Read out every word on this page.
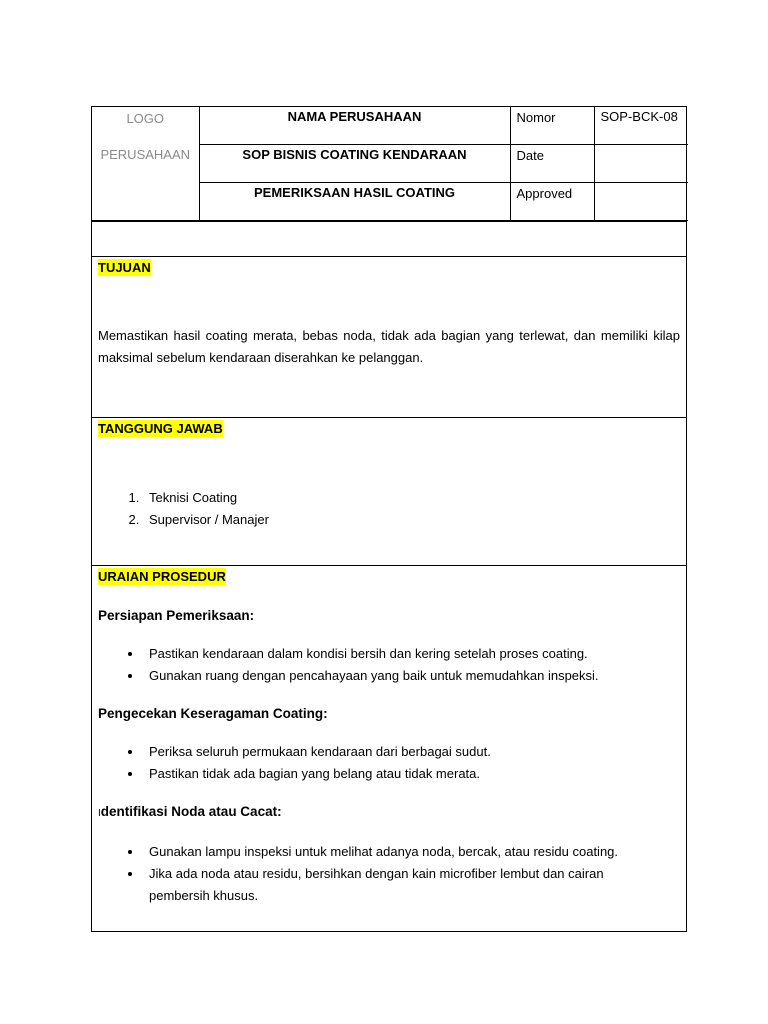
LOGO
PERUSAHAAN	NAMA PERUSAHAAN	Nomor	SOP-BCK-08
	SOP BISNIS COATING KENDARAAN	Date	
	PEMERIKSAAN HASIL COATING	Approved	
TUJUAN
Memastikan hasil coating merata, bebas noda, tidak ada bagian yang terlewat, dan memiliki kilap maksimal sebelum kendaraan diserahkan ke pelanggan.
TANGGUNG JAWAB
1. Teknisi Coating
2. Supervisor / Manajer
URAIAN PROSEDUR
Persiapan Pemeriksaan:
• Pastikan kendaraan dalam kondisi bersih dan kering setelah proses coating.
• Gunakan ruang dengan pencahayaan yang baik untuk memudahkan inspeksi.
Pengecekan Keseragaman Coating:
• Periksa seluruh permukaan kendaraan dari berbagai sudut.
• Pastikan tidak ada bagian yang belang atau tidak merata.
Identifikasi Noda atau Cacat:
• Gunakan lampu inspeksi untuk melihat adanya noda, bercak, atau residu coating.
• Jika ada noda atau residu, bersihkan dengan kain microfiber lembut dan cairan pembersih khusus.
